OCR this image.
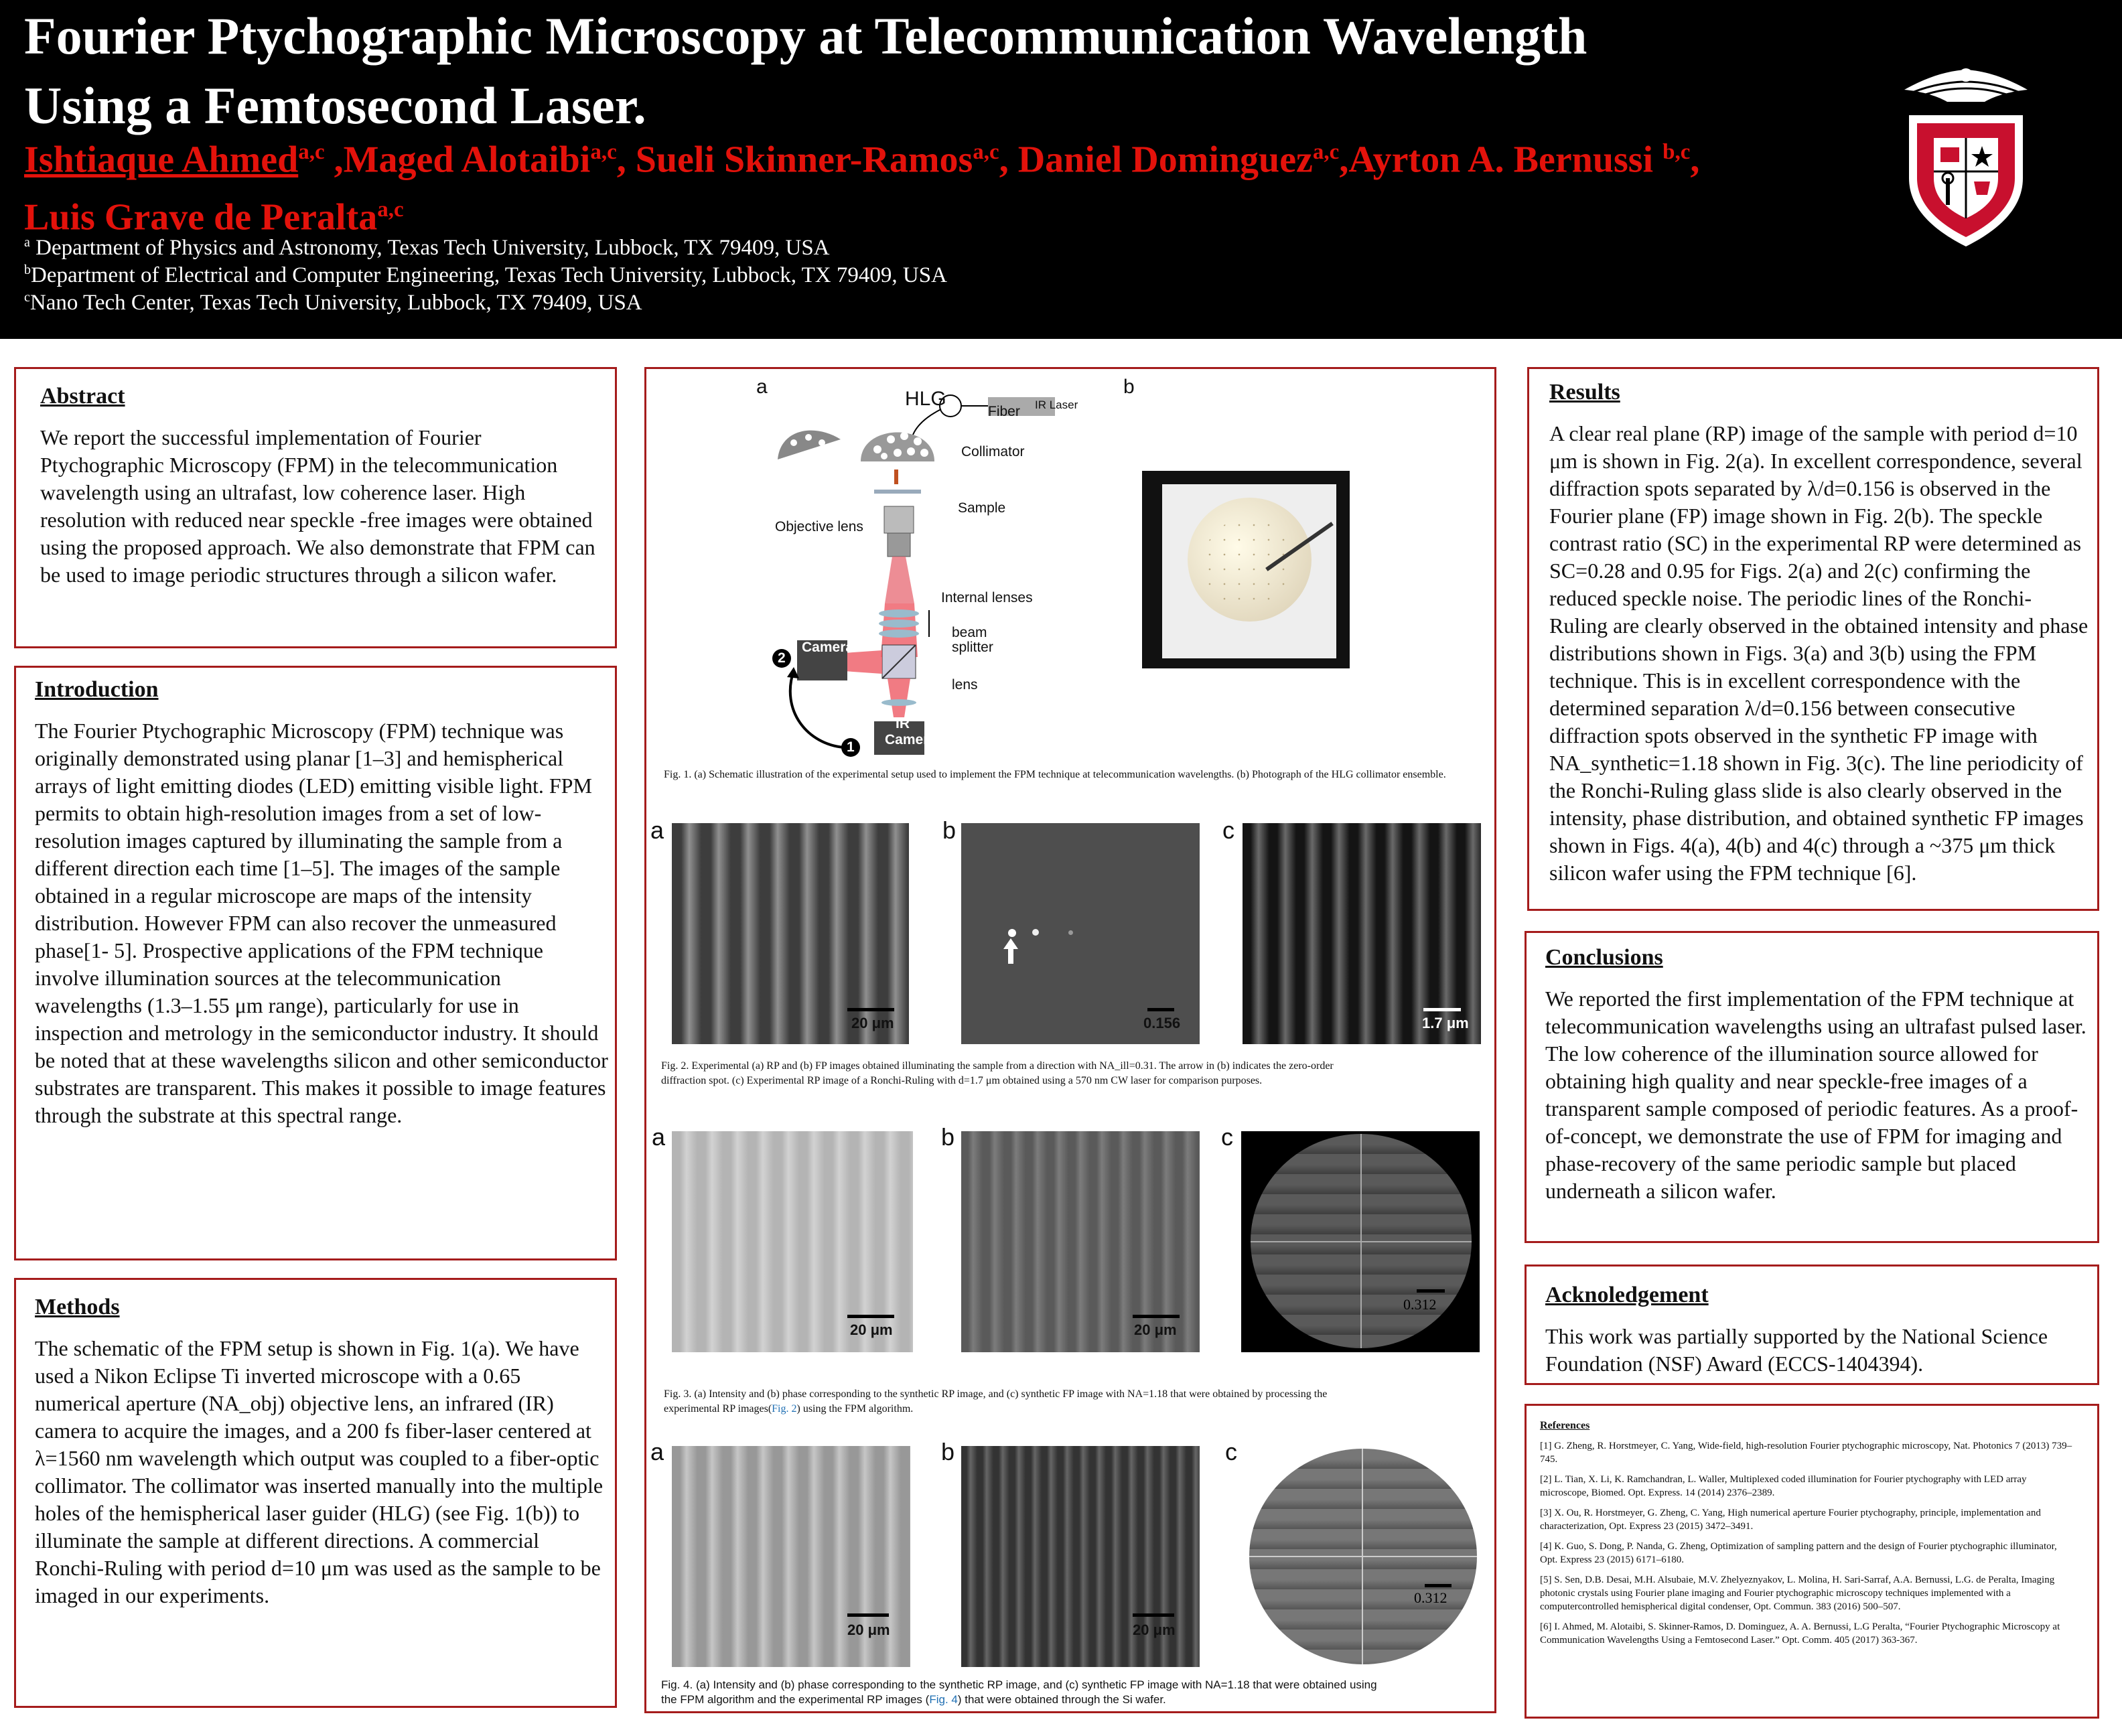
Fourier Ptychographic Microscopy at Telecommunication Wavelength
Using a Femtosecond Laser.
Ishtiaque Ahmed$^{a,c}$ ,Maged Alotaibi$^{a,c}$, Sueli Skinner-Ramos$^{a,c}$, Daniel Dominguez$^{a,c}$,Ayrton A. Bernussi $^{b,c}$, Luis Grave de Peralta$^{a,c}$
$^a$ Department of Physics and Astronomy, Texas Tech University, Lubbock, TX 79409, USA
$^b$Department of Electrical and Computer Engineering, Texas Tech University, Lubbock, TX 79409, USA
$^c$Nano Tech Center, Texas Tech University, Lubbock, TX 79409, USA
Abstract

We report the successful implementation of Fourier Ptychographic Microscopy (FPM) in the telecommunication wavelength using an ultrafast, low coherence laser. High resolution with reduced near speckle -free images were obtained using the proposed approach. We also demonstrate that FPM can be used to image periodic structures through a silicon wafer.

Introduction

The Fourier Ptychographic Microscopy (FPM) technique was originally demonstrated using planar [1–3] and hemispherical arrays of light emitting diodes (LED) emitting visible light. FPM permits to obtain high-resolution images from a set of low-resolution images captured by illuminating the sample from a different direction each time [1–5]. The images of the sample obtained in a regular microscope are maps of the intensity distribution. However FPM can also recover the unmeasured phase[1- 5]. Prospective applications of the FPM technique involve illumination sources at the telecommunication wavelengths (1.3–1.55 μm range), particularly for use in inspection and metrology in the semiconductor industry. It should be noted that at these wavelengths silicon and other semiconductor substrates are transparent. This makes it possible to image features through the substrate at this spectral range.

Methods

The schematic of the FPM setup is shown in Fig. 1(a). We have used a Nikon Eclipse Ti inverted microscope with a 0.65 numerical aperture (NA_obj) objective lens, an infrared (IR) camera to acquire the images, and a 200 fs fiber-laser centered at λ=1560 nm wavelength which output was coupled to a fiber-optic collimator. The collimator was inserted manually into the multiple holes of the hemispherical laser guider (HLG) (see Fig. 1(b)) to illuminate the sample at different directions. A commercial Ronchi-Ruling with period d=10 μm was used as the sample to be imaged in our experiments.

a	b
HLG
Fiber IR Laser
Collimator
Sample
Objective lens
Internal lenses
beam
splitter
lens
IR
Camera
IR
Camera
2
1
Fig. 1. (a) Schematic illustration of the experimental setup used to implement the FPM technique at telecommunication wavelengths. (b) Photograph of the HLG collimator ensemble.
a	b	c
20 μm	0.156	1.7 μm
Fig. 2. Experimental (a) RP and (b) FP images obtained illuminating the sample from a direction with NA_ill=0.31. The arrow in (b) indicates the zero-order
diffraction spot. (c) Experimental RP image of a Ronchi-Ruling with d=1.7 μm obtained using a 570 nm CW laser for comparison purposes.
a	b	c
20 μm	20 μm
0.312
Fig. 3. (a) Intensity and (b) phase corresponding to the synthetic RP image, and (c) synthetic FP image with NA=1.18 that were obtained by processing the
experimental RP images(Fig. 2) using the FPM algorithm.
a	b	c
20 μm	20 μm
0.312
Fig. 4. (a) Intensity and (b) phase corresponding to the synthetic RP image, and (c) synthetic FP image with NA=1.18 that were obtained using
the FPM algorithm and the experimental RP images (Fig. 4) that were obtained through the Si wafer.
Results

A clear real plane (RP) image of the sample with period d=10 μm is shown in Fig. 2(a). In excellent correspondence, several diffraction spots separated by λ/d=0.156 is observed in the Fourier plane (FP) image shown in Fig. 2(b). The speckle contrast ratio (SC) in the experimental RP were determined as SC=0.28 and 0.95 for Figs. 2(a) and 2(c) confirming the reduced speckle noise. The periodic lines of the Ronchi-Ruling are clearly observed in the obtained intensity and phase distributions shown in Figs. 3(a) and 3(b) using the FPM technique. This is in excellent correspondence with the determined separation λ/d=0.156 between consecutive diffraction spots observed in the synthetic FP image with NA_synthetic=1.18 shown in Fig. 3(c). The line periodicity of the Ronchi-Ruling glass slide is also clearly observed in the intensity, phase distribution, and obtained synthetic FP images shown in Figs. 4(a), 4(b) and 4(c) through a ~375 μm thick silicon wafer using the FPM technique [6].

Conclusions

We reported the first implementation of the FPM technique at telecommunication wavelengths using an ultrafast pulsed laser. The low coherence of the illumination source allowed for obtaining high quality and near speckle-free images of a transparent sample composed of periodic features. As a proof-of-concept, we demonstrate the use of FPM for imaging and phase-recovery of the same periodic sample but placed underneath a silicon wafer.

Acknoledgement

This work was partially supported by the National Science Foundation (NSF) Award (ECCS-1404394).

References

[1] G. Zheng, R. Horstmeyer, C. Yang, Wide-field, high-resolution Fourier ptychographic microscopy, Nat. Photonics 7 (2013) 739–745.

[2] L. Tian, X. Li, K. Ramchandran, L. Waller, Multiplexed coded illumination for Fourier ptychography with LED array microscope, Biomed. Opt. Express. 14 (2014) 2376–2389.

[3] X. Ou, R. Horstmeyer, G. Zheng, C. Yang, High numerical aperture Fourier ptychography, principle, implementation and characterization, Opt. Express 23 (2015) 3472–3491.

[4] K. Guo, S. Dong, P. Nanda, G. Zheng, Optimization of sampling pattern and the design of Fourier ptychographic illuminator, Opt. Express 23 (2015) 6171–6180.

[5] S. Sen, D.B. Desai, M.H. Alsubaie, M.V. Zhelyeznyakov, L. Molina, H. Sari-Sarraf, A.A. Bernussi, L.G. de Peralta, Imaging photonic crystals using Fourier plane imaging and Fourier ptychographic microscopy techniques implemented with a computercontrolled hemispherical digital condenser, Opt. Commun. 383 (2016) 500–507.

[6] I. Ahmed, M. Alotaibi, S. Skinner-Ramos, D. Dominguez, A. A. Bernussi, L.G Peralta, “Fourier Ptychographic Microscopy at Communication Wavelengths Using a Femtosecond Laser.” Opt. Comm. 405 (2017) 363-367.
